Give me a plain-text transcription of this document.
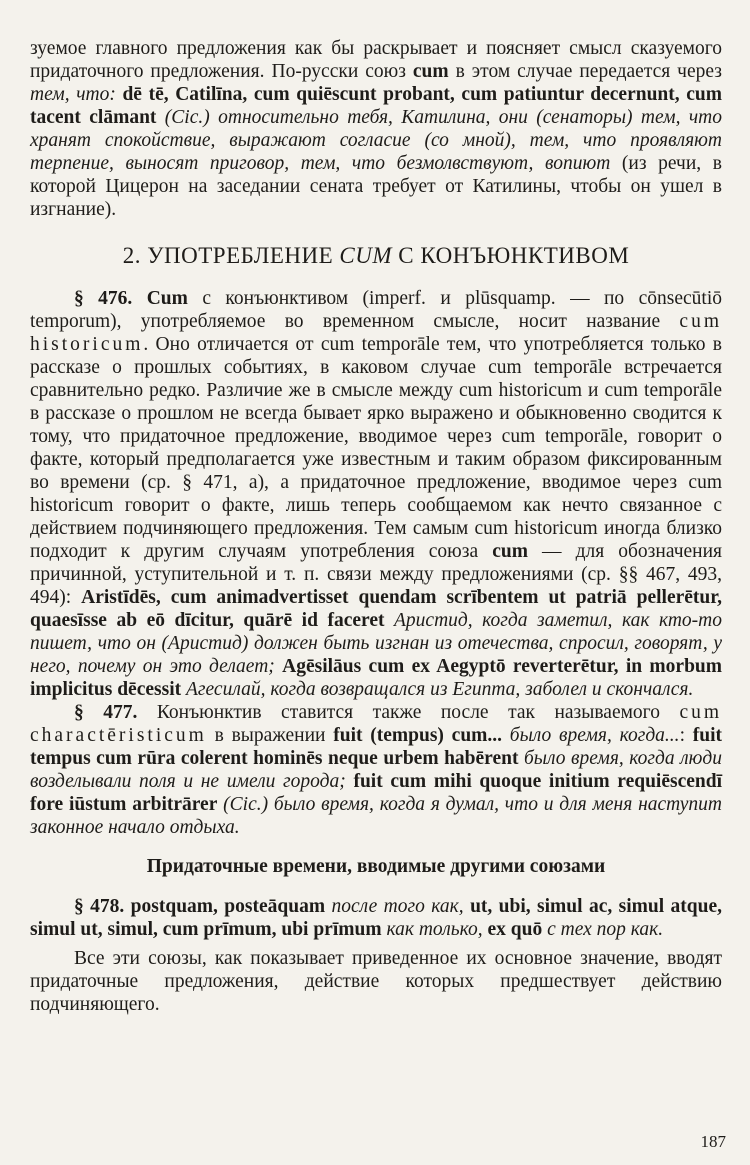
зуемое главного предложения как бы раскрывает и поясняет смысл сказуемого придаточного предложения. По-русски союз cum в этом случае передается через тем, что: dē tē, Catilīna, cum quiēscunt probant, cum patiuntur decernunt, cum tacent clāmant (Cic.) относительно тебя, Катилина, они (сенаторы) тем, что хранят спокойствие, выражают согласие (со мной), тем, что проявляют терпение, выносят приговор, тем, что безмолвствуют, вопиют (из речи, в которой Цицерон на заседании сената требует от Катилины, чтобы он ушел в изгнание).

2. УПОТРЕБЛЕНИЕ CUM С КОНЪЮНКТИВОМ

§ 476. Cum с конъюнктивом (imperf. и plūsquamp. — по cōnsecūtiō temporum), употребляемое во временном смысле, носит название cum historicum. Оно отличается от cum temporāle тем, что употребляется только в рассказе о прошлых событиях, в каковом случае cum temporāle встречается сравнительно редко. Различие же в смысле между cum historicum и cum temporāle в рассказе о прошлом не всегда бывает ярко выражено и обыкновенно сводится к тому, что придаточное предложение, вводимое через cum temporāle, говорит о факте, который предполагается уже известным и таким образом фиксированным во времени (ср. § 471, а), а придаточное предложение, вводимое через cum historicum говорит о факте, лишь теперь сообщаемом как нечто связанное с действием подчиняющего предложения. Тем самым cum historicum иногда близко подходит к другим случаям употребления союза cum — для обозначения причинной, уступительной и т. п. связи между предложениями (ср. §§ 467, 493, 494): Aristīdēs, cum animadvertisset quendam scrībentem ut patriā pellerētur, quaesīsse ab eō dīcitur, quārē id faceret Аристид, когда заметил, как кто-то пишет, что он (Аристид) должен быть изгнан из отечества, спросил, говорят, у него, почему он это делает; Agēsilāus cum ex Aegyptō reverterētur, in morbum implicitus dēcessit Агесилай, когда возвращался из Египта, заболел и скончался.

§ 477. Конъюнктив ставится также после так называемого cum charactēristicum в выражении fuit (tempus) cum... было время, когда...: fuit tempus cum rūra colerent hominēs neque urbem habērent было время, когда люди возделывали поля и не имели города; fuit cum mihi quoque initium requiēscendī fore iūstum arbitrārer (Cic.) было время, когда я думал, что и для меня наступит законное начало отдыха.

Придаточные времени, вводимые другими союзами

§ 478. postquam, posteāquam после того как, ut, ubi, simul ac, simul atque, simul ut, simul, cum prīmum, ubi prīmum как только, ex quō с тех пор как.

Все эти союзы, как показывает приведенное их основное значение, вводят придаточные предложения, действие которых предшествует действию подчиняющего.

187
